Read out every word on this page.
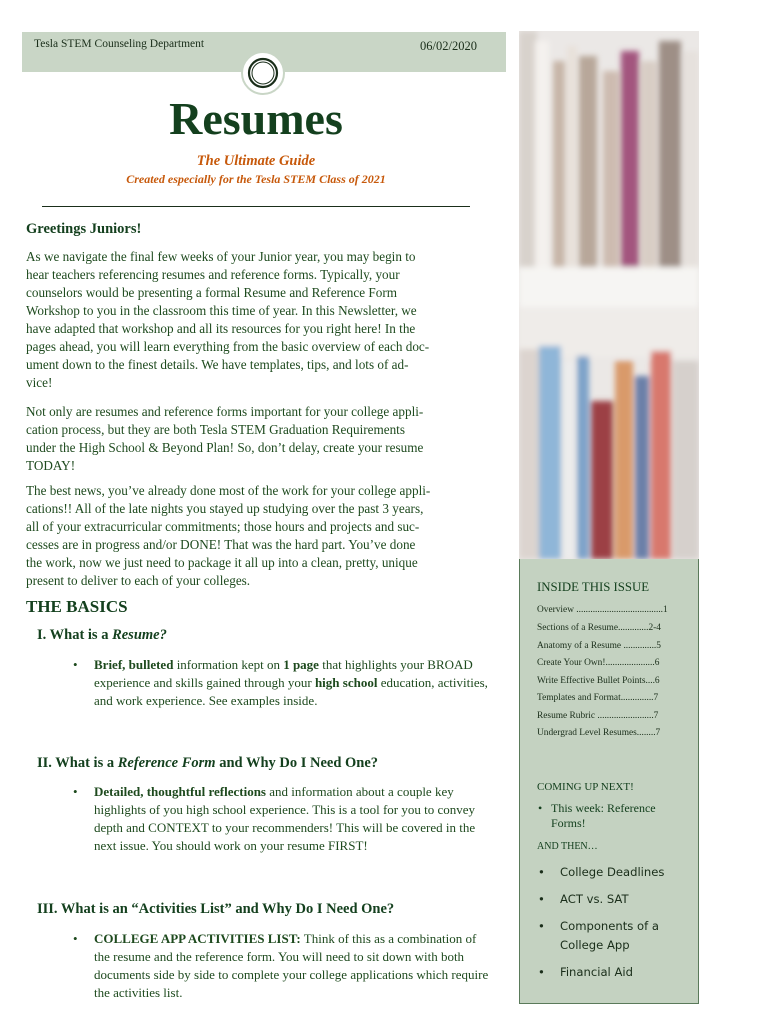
Tesla STEM Counseling Department	06/02/2020
Resumes
The Ultimate Guide
Created especially for the Tesla STEM Class of 2021
Greetings Juniors!

As we navigate the final few weeks of your Junior year, you may begin to
hear teachers referencing resumes and reference forms. Typically, your
counselors would be presenting a formal Resume and Reference Form
Workshop to you in the classroom this time of year. In this Newsletter, we
have adapted that workshop and all its resources for you right here! In the
pages ahead, you will learn everything from the basic overview of each doc-
ument down to the finest details. We have templates, tips, and lots of ad-
vice!

Not only are resumes and reference forms important for your college appli-
cation process, but they are both Tesla STEM Graduation Requirements
under the High School & Beyond Plan! So, don’t delay, create your resume
TODAY!

The best news, you’ve already done most of the work for your college appli-
cations!! All of the late nights you stayed up studying over the past 3 years,
all of your extracurricular commitments; those hours and projects and suc-
cesses are in progress and/or DONE! That was the hard part. You’ve done
the work, now we just need to package it all up into a clean, pretty, unique
present to deliver to each of your colleges.

THE BASICS
I. What is a Resume?
• Brief, bulleted information kept on 1 page that highlights your BROAD experience and skills gained through your high school education, activities, and work experience. See examples inside.
II. What is a Reference Form and Why Do I Need One?
• Detailed, thoughtful reflections and information about a couple key highlights of you high school experience. This is a tool for you to convey depth and CONTEXT to your recommenders! This will be covered in the next issue. You should work on your resume FIRST!
III. What is an “Activities List” and Why Do I Need One?
• COLLEGE APP ACTIVITIES LIST: Think of this as a combination of the resume and the reference form. You will need to sit down with both documents side by side to complete your college applications which require the activities list.
INSIDE THIS ISSUE
Overview .....................................1
Sections of a Resume.............2-4
Anatomy of a Resume ..............5
Create Your Own!.....................6
Write Effective Bullet Points....6
Templates and Format..............7
Resume Rubric ........................7
Undergrad Level Resumes........7
COMING UP NEXT!
• This week: Reference Forms!
AND THEN…
• College Deadlines
• ACT vs. SAT
• Components of a College App
• Financial Aid
